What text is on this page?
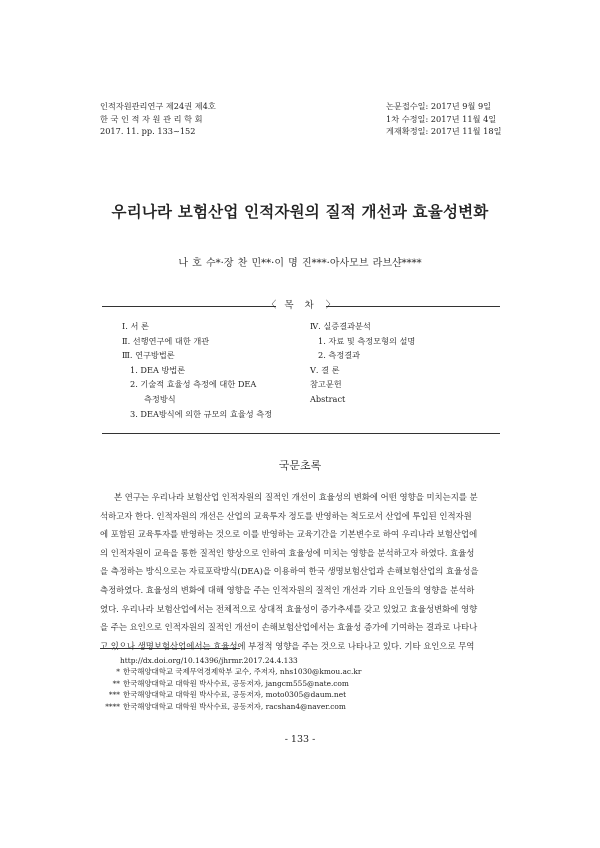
인적자원관리연구 제24권 제4호
한 국 인 적 자 원 관 리 학 회
2017. 11. pp. 133~152
논문접수일: 2017년 9월 9일
1차 수정일: 2017년 11월 4일
게재확정일: 2017년 11월 18일
우리나라 보험산업 인적자원의 질적 개선과 효율성변화
나 호 수*·장 찬 민**·이 명 진***·아사모브 라브샨****
〈 목 차 〉
Ⅰ. 서 론
Ⅱ. 선행연구에 대한 개관
Ⅲ. 연구방법론
1. DEA 방법론
2. 기술적 효율성 측정에 대한 DEA
측정방식
3. DEA방식에 의한 규모의 효율성 측정
Ⅳ. 실증결과분석
1. 자료 및 측정모형의 설명
2. 측정결과
Ⅴ. 결 론
참고문헌
Abstract
국문초록
본 연구는 우리나라 보험산업 인적자원의 질적인 개선이 효율성의 변화에 어떤 영향을 미치는지를 분
석하고자 한다. 인적자원의 개선은 산업의 교육투자 정도를 반영하는 척도로서 산업에 투입된 인적자원
에 포함된 교육투자를 반영하는 것으로 이를 반영하는 교육기간을 기본변수로 하여 우리나라 보험산업에
의 인적자원이 교육을 통한 질적인 향상으로 인하여 효율성에 미치는 영향을 분석하고자 하였다. 효율성
을 측정하는 방식으로는 자료포락방식(DEA)을 이용하여 한국 생명보험산업과 손해보험산업의 효율성을
측정하였다. 효율성의 변화에 대해 영향을 주는 인적자원의 질적인 개선과 기타 요인들의 영향을 분석하
였다. 우리나라 보험산업에서는 전체적으로 상대적 효율성이 증가추세를 갖고 있었고 효율성변화에 영향
을 주는 요인으로 인적자원의 질적인 개선이 손해보험산업에서는 효율성 증가에 기여하는 결과로 나타나
고 있으나 생명보험산업에서는 효율성에 부정적 영향을 주는 것으로 나타나고 있다. 기타 요인으로 무역
http://dx.doi.org/10.14396/jhrmr.2017.24.4.133
* 한국해양대학교 국제무역경제학부 교수, 주저자, nhs1030@kmou.ac.kr
** 한국해양대학교 대학원 박사수료, 공동저자, jangcm555@nate.com
*** 한국해양대학교 대학원 박사수료, 공동저자, moto0305@daum.net
**** 한국해양대학교 대학원 박사수료, 공동저자, racshan4@naver.com
- 133 -
